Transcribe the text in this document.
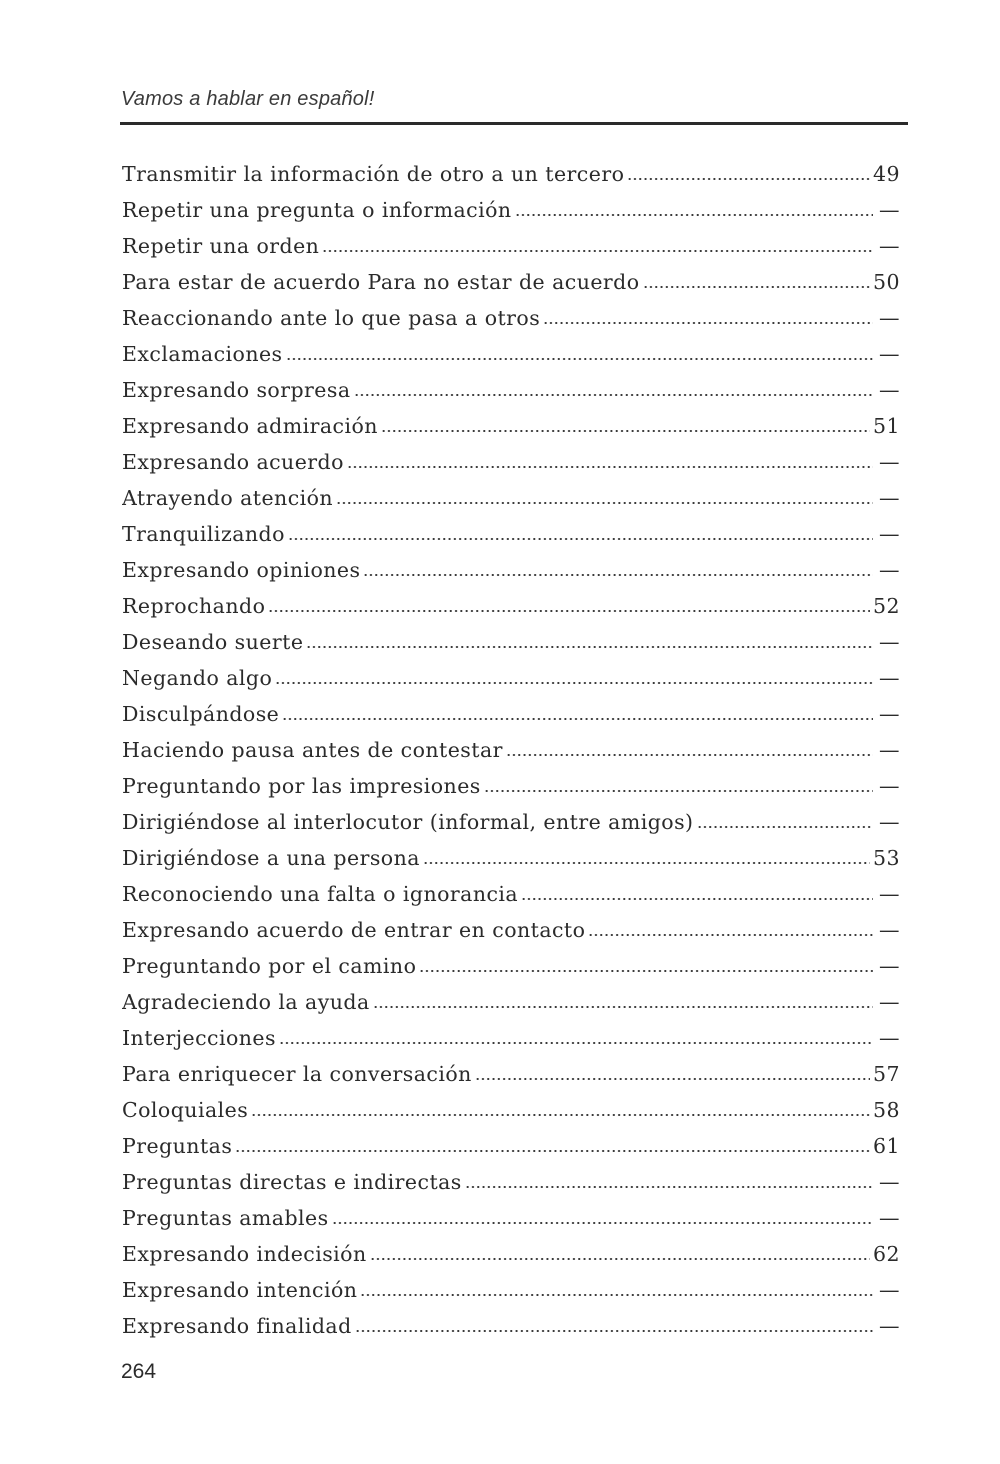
Vamos a hablar en español!
Transmitir la información de otro a un tercero	49
Repetir una pregunta o información	—
Repetir una orden	—
Para estar de acuerdo Para no estar de acuerdo	50
Reaccionando ante lo que pasa a otros	—
Exclamaciones	—
Expresando sorpresa	—
Expresando admiración	51
Expresando acuerdo	—
Atrayendo atención	—
Tranquilizando	—
Expresando opiniones	—
Reprochando	52
Deseando suerte	—
Negando algo	—
Disculpándose	—
Haciendo pausa antes de contestar	—
Preguntando por las impresiones	—
Dirigiéndose al interlocutor (informal, entre amigos)	—
Dirigiéndose a una persona	53
Reconociendo una falta o ignorancia	—
Expresando acuerdo de entrar en contacto	—
Preguntando por el camino	—
Agradeciendo la ayuda	—
Interjecciones	—
Para enriquecer la conversación	57
Coloquiales	58
Preguntas	61
Preguntas directas e indirectas	—
Preguntas amables	—
Expresando indecisión	62
Expresando intención	—
Expresando finalidad	—
264
